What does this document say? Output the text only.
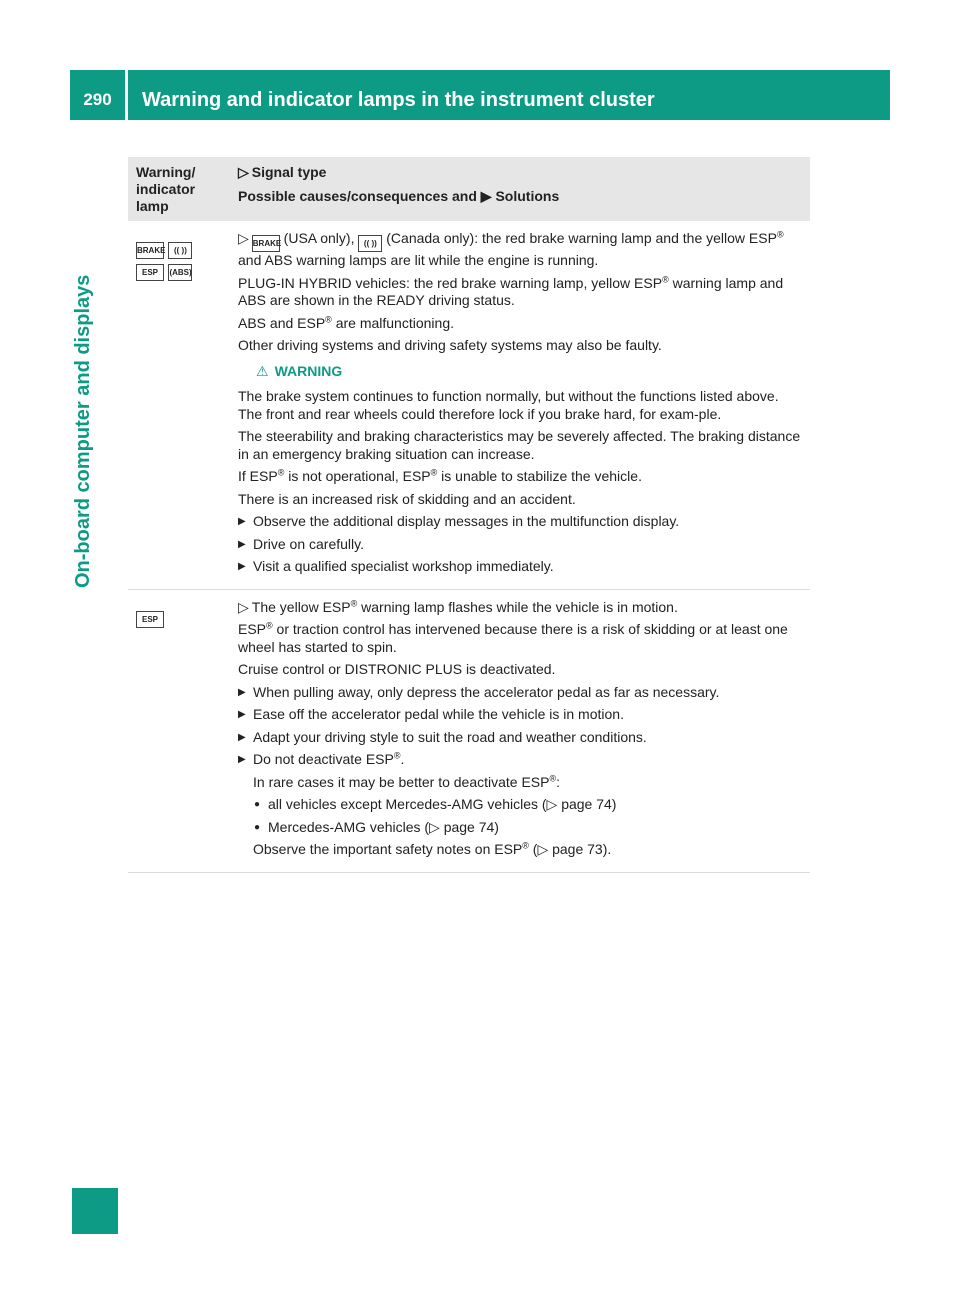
290	Warning and indicator lamps in the instrument cluster
On-board computer and displays
Warning/ indicator lamp
▷ Signal type
Possible causes/consequences and ▶ Solutions
BRAKE (( ))
ESP (ABS)

▷ BRAKE (USA only), (( )) (Canada only): the red brake warning lamp and the yellow ESP® and ABS warning lamps are lit while the engine is running.

PLUG-IN HYBRID vehicles: the red brake warning lamp, yellow ESP® warning lamp and ABS are shown in the READY driving status.

ABS and ESP® are malfunctioning.

Other driving systems and driving safety systems may also be faulty.

⚠ WARNING

The brake system continues to function normally, but without the functions listed above. The front and rear wheels could therefore lock if you brake hard, for exam-ple.

The steerability and braking characteristics may be severely affected. The braking distance in an emergency braking situation can increase.

If ESP® is not operational, ESP® is unable to stabilize the vehicle.

There is an increased risk of skidding and an accident.

▶ Observe the additional display messages in the multifunction display.

▶ Drive on carefully.

▶ Visit a qualified specialist workshop immediately.

ESP

▷ The yellow ESP® warning lamp flashes while the vehicle is in motion.

ESP® or traction control has intervened because there is a risk of skidding or at least one wheel has started to spin.

Cruise control or DISTRONIC PLUS is deactivated.

▶ When pulling away, only depress the accelerator pedal as far as necessary.

▶ Ease off the accelerator pedal while the vehicle is in motion.

▶ Adapt your driving style to suit the road and weather conditions.

▶ Do not deactivate ESP®.

In rare cases it may be better to deactivate ESP®:

● all vehicles except Mercedes-AMG vehicles (▷ page 74)

● Mercedes-AMG vehicles (▷ page 74)

Observe the important safety notes on ESP® (▷ page 73).
